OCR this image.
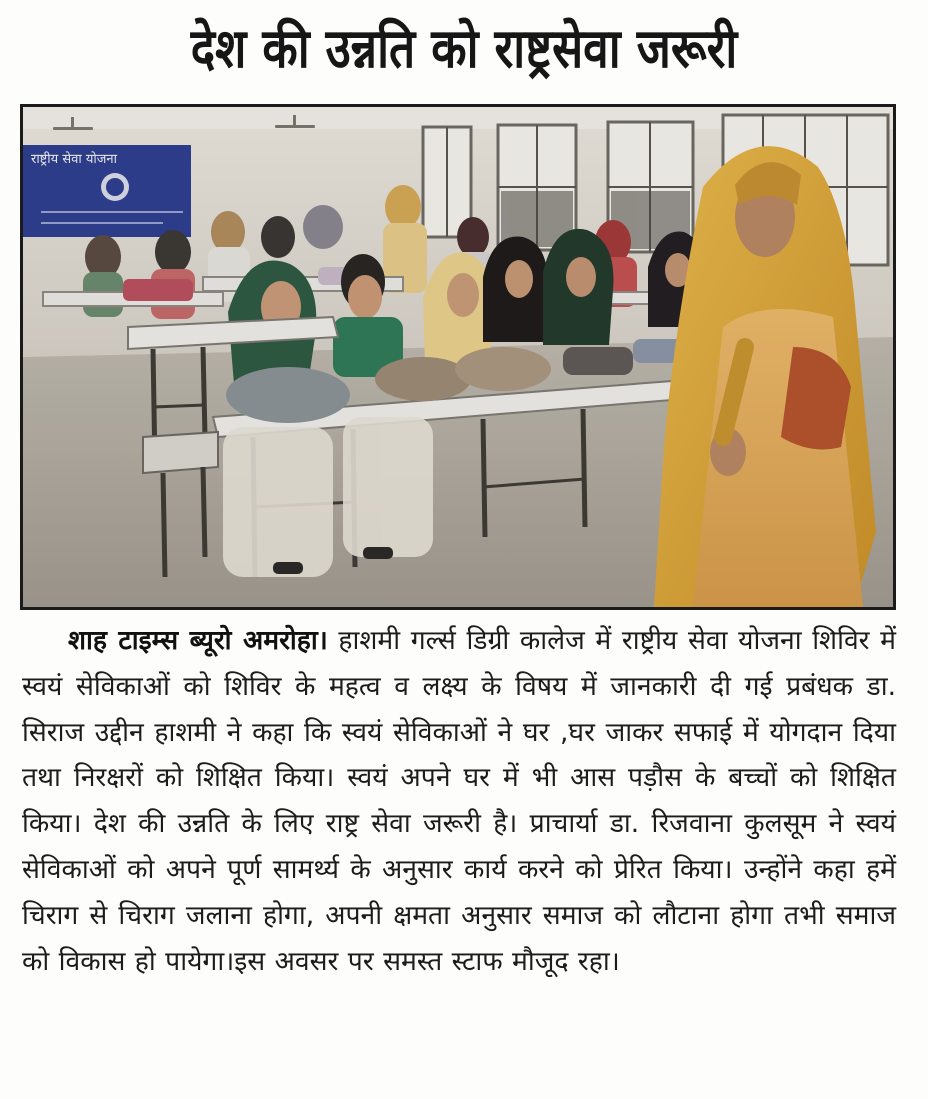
देश की उन्नति को राष्ट्रसेवा जरूरी
राष्ट्रीय सेवा योजना
शाह टाइम्स ब्यूरो अमरोहा। हाशमी गर्ल्स डिग्री कालेज में राष्ट्रीय सेवा योजना शिविर में स्वयं सेविकाओं को शिविर के महत्व व लक्ष्य के विषय में जानकारी दी गई प्रबंधक डा. सिराज उद्दीन हाशमी ने कहा कि स्वयं सेविकाओं ने घर ,घर जाकर सफाई में योगदान दिया तथा निरक्षरों को शिक्षित किया। स्वयं अपने घर में भी आस पड़ौस के बच्चों को शिक्षित किया। देश की उन्नति के लिए राष्ट्र सेवा जरूरी है। प्राचार्या डा. रिजवाना कुलसूम ने स्वयं सेविकाओं को अपने पूर्ण सामर्थ्य के अनुसार कार्य करने को प्रेरित किया। उन्होंने कहा हमें चिराग से चिराग जलाना होगा, अपनी क्षमता अनुसार समाज को लौटाना होगा तभी समाज को विकास हो पायेगा।इस अवसर पर समस्त स्टाफ मौजूद रहा।
